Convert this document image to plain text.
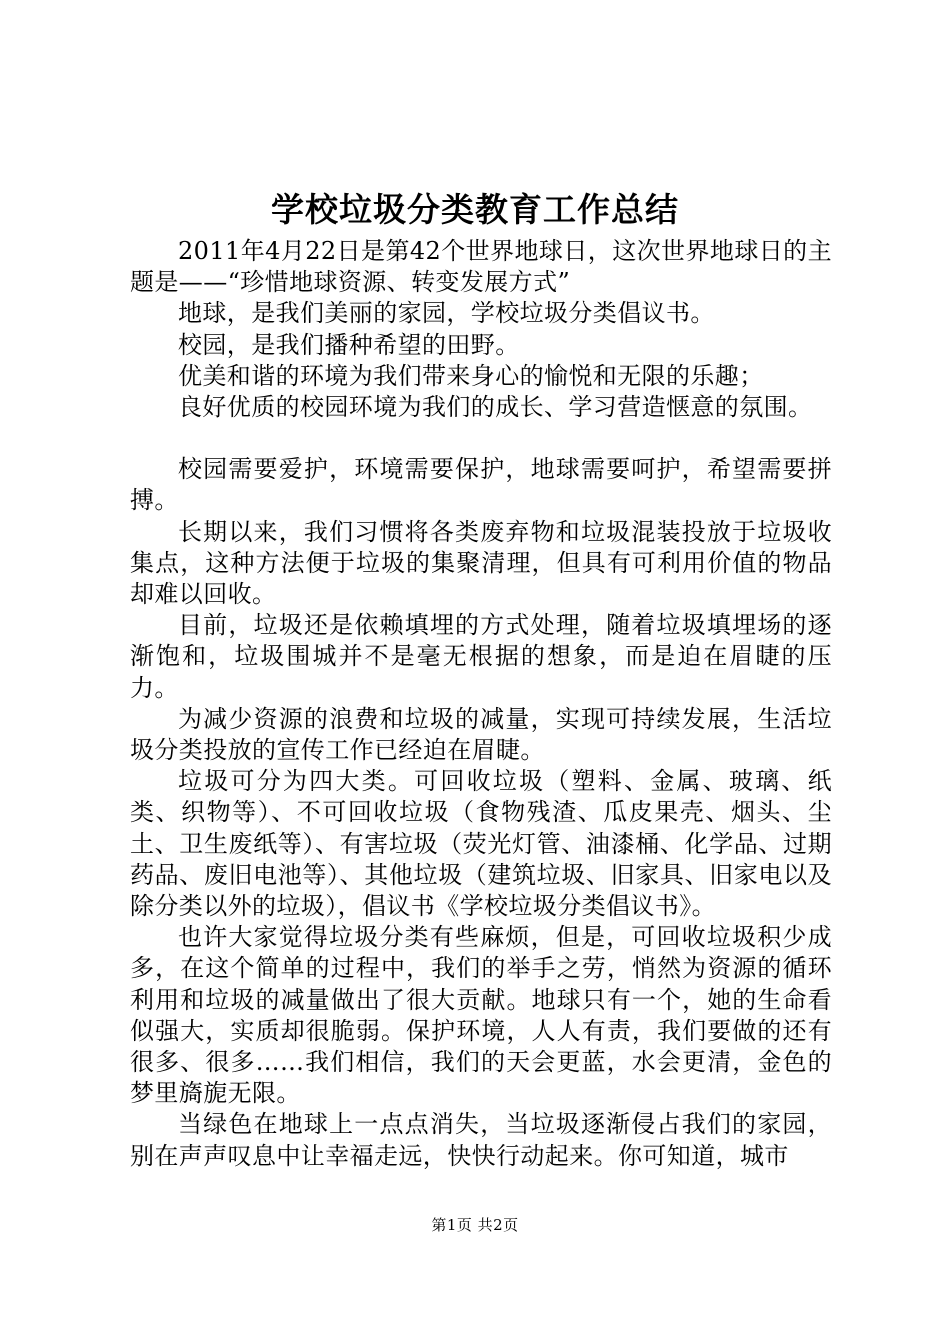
学校垃圾分类教育工作总结

2011年4月22日是第42个世界地球日，这次世界地球日的主题是——“珍惜地球资源、转变发展方式”

地球，是我们美丽的家园，学校垃圾分类倡议书。

校园，是我们播种希望的田野。

优美和谐的环境为我们带来身心的愉悦和无限的乐趣；

良好优质的校园环境为我们的成长、学习营造惬意的氛围。

校园需要爱护，环境需要保护，地球需要呵护，希望需要拼搏。

长期以来，我们习惯将各类废弃物和垃圾混装投放于垃圾收集点，这种方法便于垃圾的集聚清理，但具有可利用价值的物品却难以回收。

目前，垃圾还是依赖填埋的方式处理，随着垃圾填埋场的逐渐饱和，垃圾围城并不是毫无根据的想象，而是迫在眉睫的压力。

为减少资源的浪费和垃圾的减量，实现可持续发展，生活垃圾分类投放的宣传工作已经迫在眉睫。

垃圾可分为四大类。可回收垃圾（塑料、金属、玻璃、纸类、织物等）、不可回收垃圾（食物残渣、瓜皮果壳、烟头、尘土、卫生废纸等）、有害垃圾（荧光灯管、油漆桶、化学品、过期药品、废旧电池等）、其他垃圾（建筑垃圾、旧家具、旧家电以及除分类以外的垃圾），倡议书《学校垃圾分类倡议书》。

也许大家觉得垃圾分类有些麻烦，但是，可回收垃圾积少成多，在这个简单的过程中，我们的举手之劳，悄然为资源的循环利用和垃圾的减量做出了很大贡献。地球只有一个，她的生命看似强大，实质却很脆弱。保护环境，人人有责，我们要做的还有很多、很多……我们相信，我们的天会更蓝，水会更清，金色的梦里旖旎无限。

当绿色在地球上一点点消失，当垃圾逐渐侵占我们的家园，别在声声叹息中让幸福走远，快快行动起来。你可知道，城市

第1页 共2页
